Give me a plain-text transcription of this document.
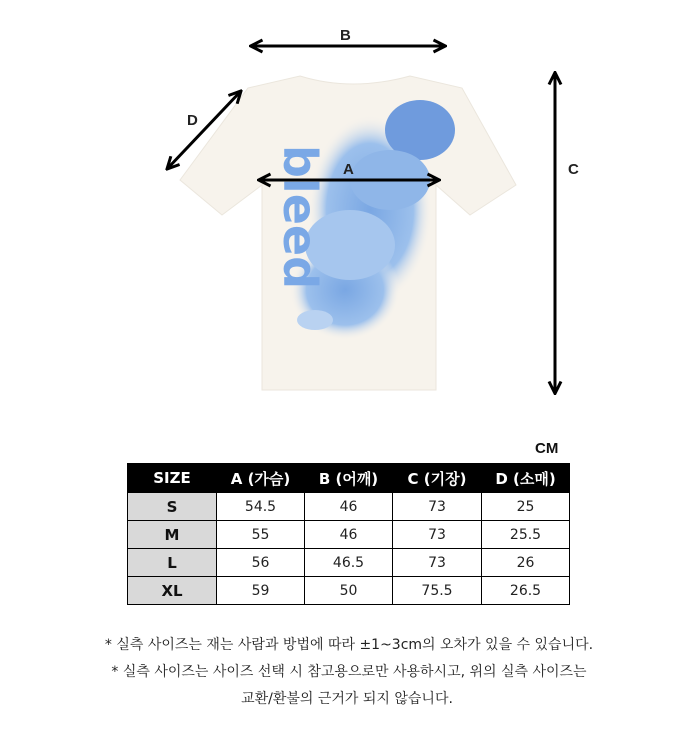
bleed
B
D
A	C
CM
SIZE	A (가슴)	B (어깨)	C (기장)	D (소매)
S	54.5	46	73	25
M	55	46	73	25.5
L	56	46.5	73	26
XL	59	50	75.5	26.5

* 실측 사이즈는 재는 사람과 방법에 따라 ±1~3cm의 오차가 있을 수 있습니다.

* 실측 사이즈는 사이즈 선택 시 참고용으로만 사용하시고, 위의 실측 사이즈는

교환/환불의 근거가 되지 않습니다.
